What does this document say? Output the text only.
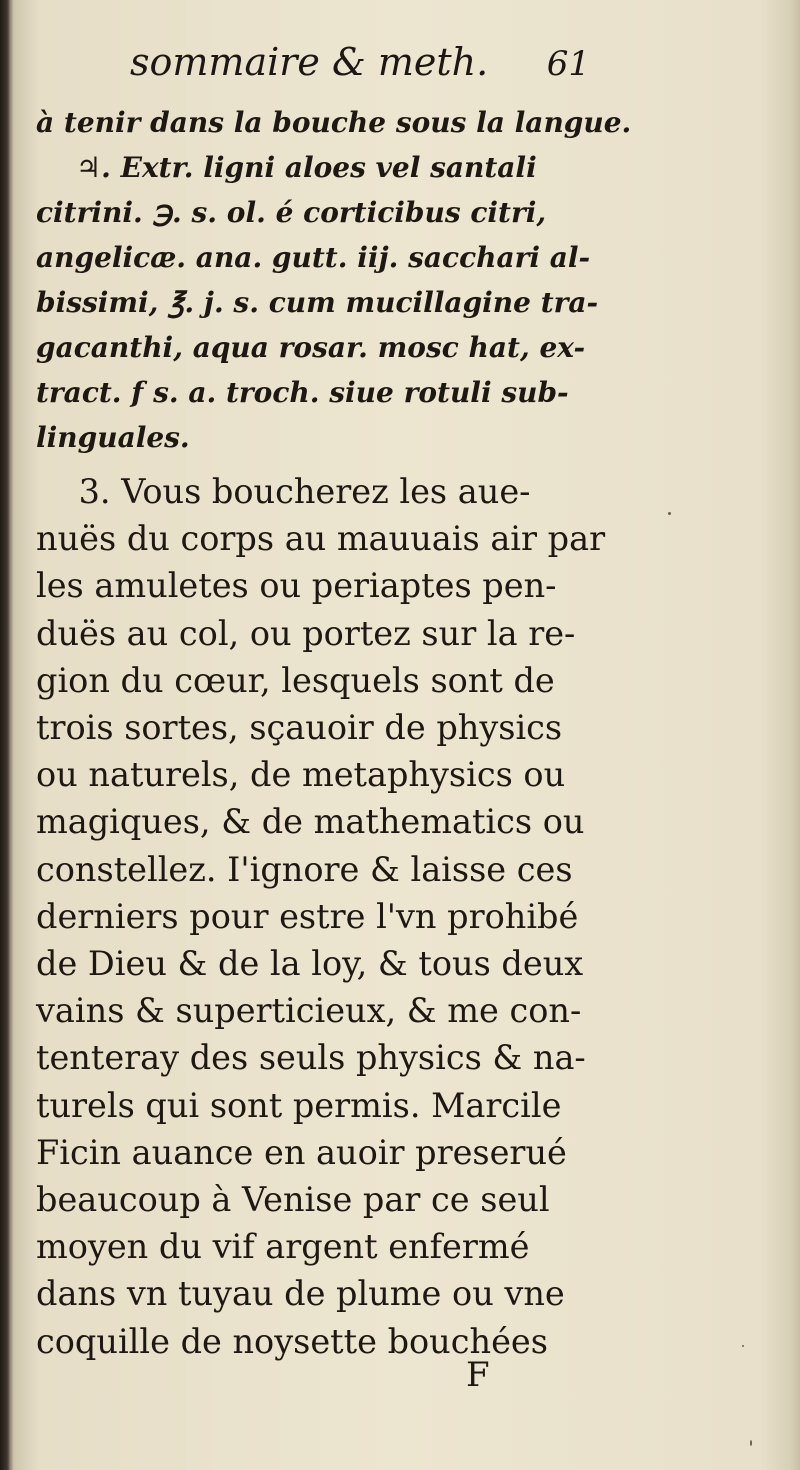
sommaire & meth. 61
à tenir dans la bouche sous la langue.
♃. Extr. ligni aloes vel santali
citrini. ℈. s. ol. é corticibus citri,
angelicæ. ana. gutt. iij. sacchari al-
bissimi, ℥. j. s. cum mucillagine tra-
gacanthi, aqua rosar. mosc hat, ex-
tract. f s. a. troch. siue rotuli sub-
linguales.
3. Vous boucherez les aue-
nuës du corps au mauuais air par
les amuletes ou periaptes pen-
duës au col, ou portez sur la re-
gion du cœur, lesquels sont de
trois sortes, sçauoir de physics
ou naturels, de metaphysics ou
magiques, & de mathematics ou
constellez. I'ignore & laisse ces
derniers pour estre l'vn prohibé
de Dieu & de la loy, & tous deux
vains & superticieux, & me con-
tenteray des seuls physics & na-
turels qui sont permis. Marcile
Ficin auance en auoir preserué
beaucoup à Venise par ce seul
moyen du vif argent enfermé
dans vn tuyau de plume ou vne
coquille de noysette bouchées
F
